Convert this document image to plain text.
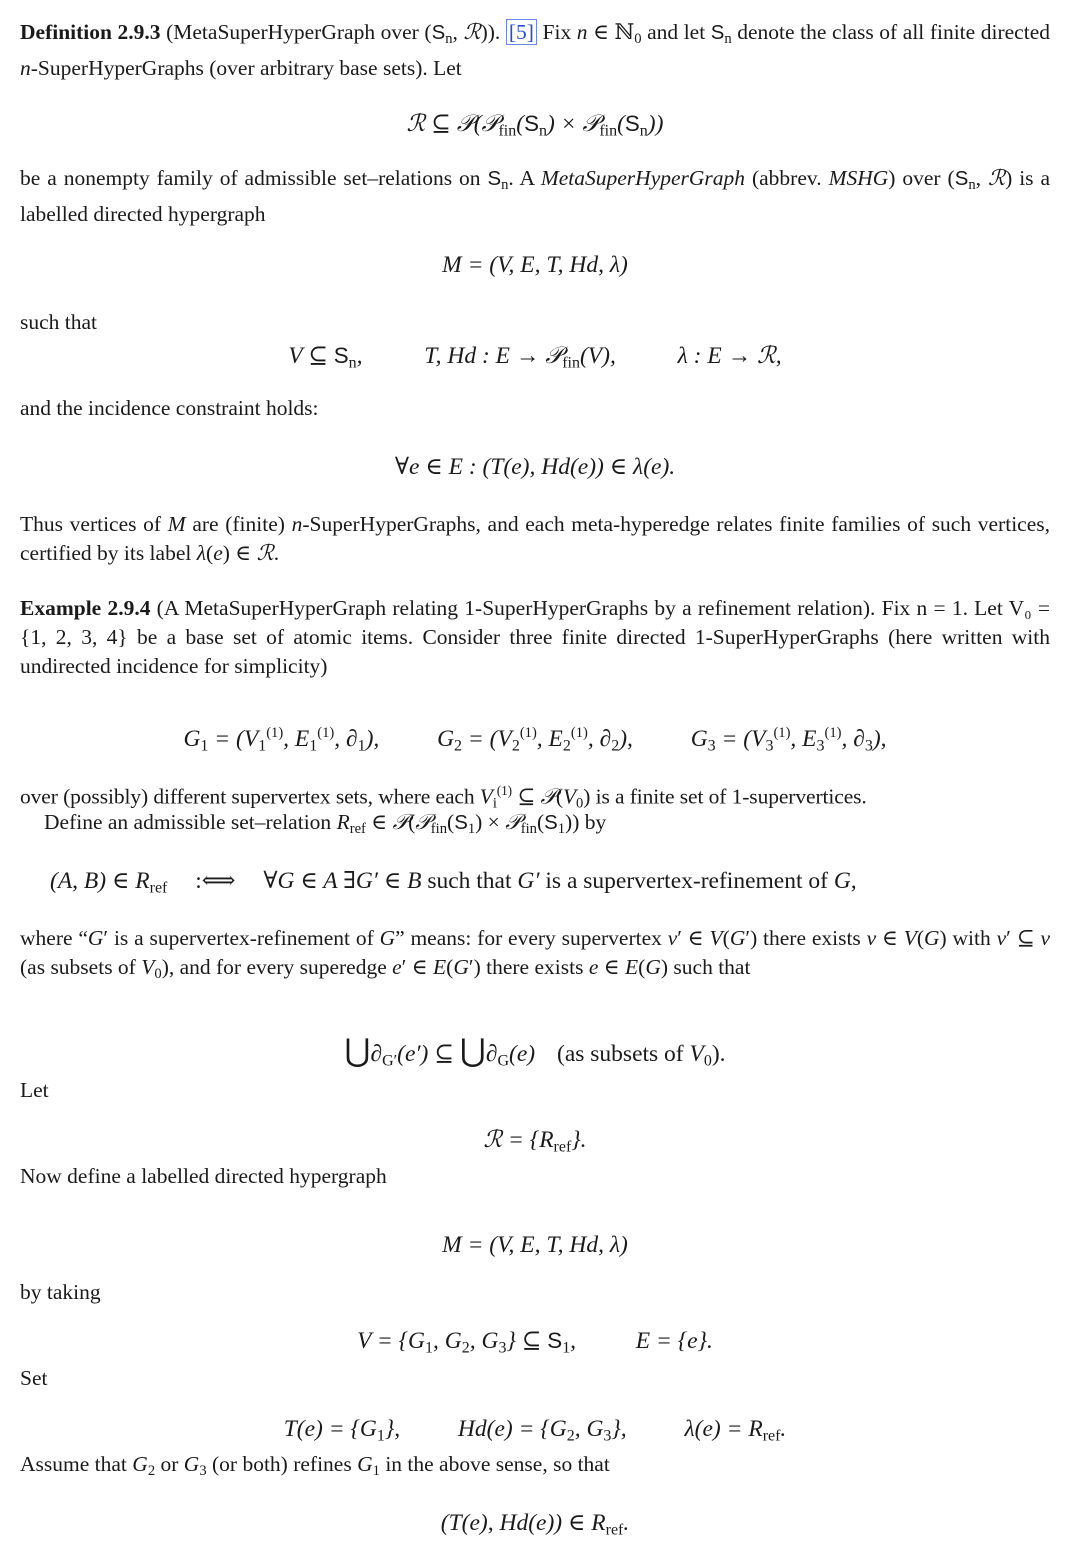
Definition 2.9.3 (MetaSuperHyperGraph over ($S_n$, ℛ)). [5] Fix n ∈ ℕ$_0$ and let $S_n$ denote the class of all finite directed n-SuperHyperGraphs (over arbitrary base sets). Let

ℛ ⊆ $𝒫(𝒫_{fin}(S_n)$ × $𝒫_{fin}(S_n)$)

be a nonempty family of admissible set–relations on $S_n$. A MetaSuperHyperGraph (abbrev. MSHG) over ($S_n$, ℛ) is a labelled directed hypergraph

M = (V, E, T, Hd, λ)

such that

V ⊆ $S_n$,	T, Hd : E → 𝒫$_{fin}$(V),	λ : E → ℛ,

and the incidence constraint holds:

∀e ∈ E : (T(e), Hd(e)) ∈ λ(e).

Thus vertices of M are (finite) n-SuperHyperGraphs, and each meta-hyperedge relates finite families of such vertices, certified by its label λ(e) ∈ ℛ.

Example 2.9.4 (A MetaSuperHyperGraph relating 1-SuperHyperGraphs by a refinement relation). Fix n = 1. Let V₀ = {1, 2, 3, 4} be a base set of atomic items. Consider three finite directed 1-SuperHyperGraphs (here written with undirected incidence for simplicity)

$G_1 = (V_1^{(1)}$, $E_1^{(1)}$, $\partial_1$), $G_2 = (V_2^{(1)}$, $E_2^{(1)}$, $\partial_2$), $G_3 = (V_3^{(1)}$, $E_3^{(1)}$, $\partial_3$),

over (possibly) different supervertex sets, where each $V_i^{(1)}$ ⊆ $𝒫(V_0)$ is a finite set of 1-supervertices.

Define an admissible set–relation $R_{ref}$ ∈ $𝒫(𝒫_{fin}(S_1)$ × $𝒫_{fin}(S_1)$) by

(A, B) ∈ $R_{ref}$ :⟺ ∀G ∈ A ∃G′ ∈ B such that G′ is a supervertex-refinement of G,

where “G′ is a supervertex-refinement of G” means: for every supervertex v′ ∈ V(G′) there exists v ∈ V(G) with v′ ⊆ v (as subsets of $V_0$), and for every superedge e′ ∈ E(G′) there exists e ∈ E(G) such that

$⋃\partial_{G'}(e')$ ⊆ $⋃\partial_G(e)$ (as subsets of $V_0$).

Let

ℛ = $\{R_{ref}\}$.

Now define a labelled directed hypergraph

M = (V, E, T, Hd, λ)

by taking

$V = \{G_1$, $G_2$, $G_3$} ⊆ $S_1$,	E = {e}.

Set

$T(e) = \{G_1\}$, $Hd(e) = \{G_2$, $G_3$}, $\lambda(e) = R_{ref}$.

Assume that $G_2$ or $G_3$ (or both) refines $G_1$ in the above sense, so that

(T(e), Hd(e)) ∈ $R_{ref}$.
